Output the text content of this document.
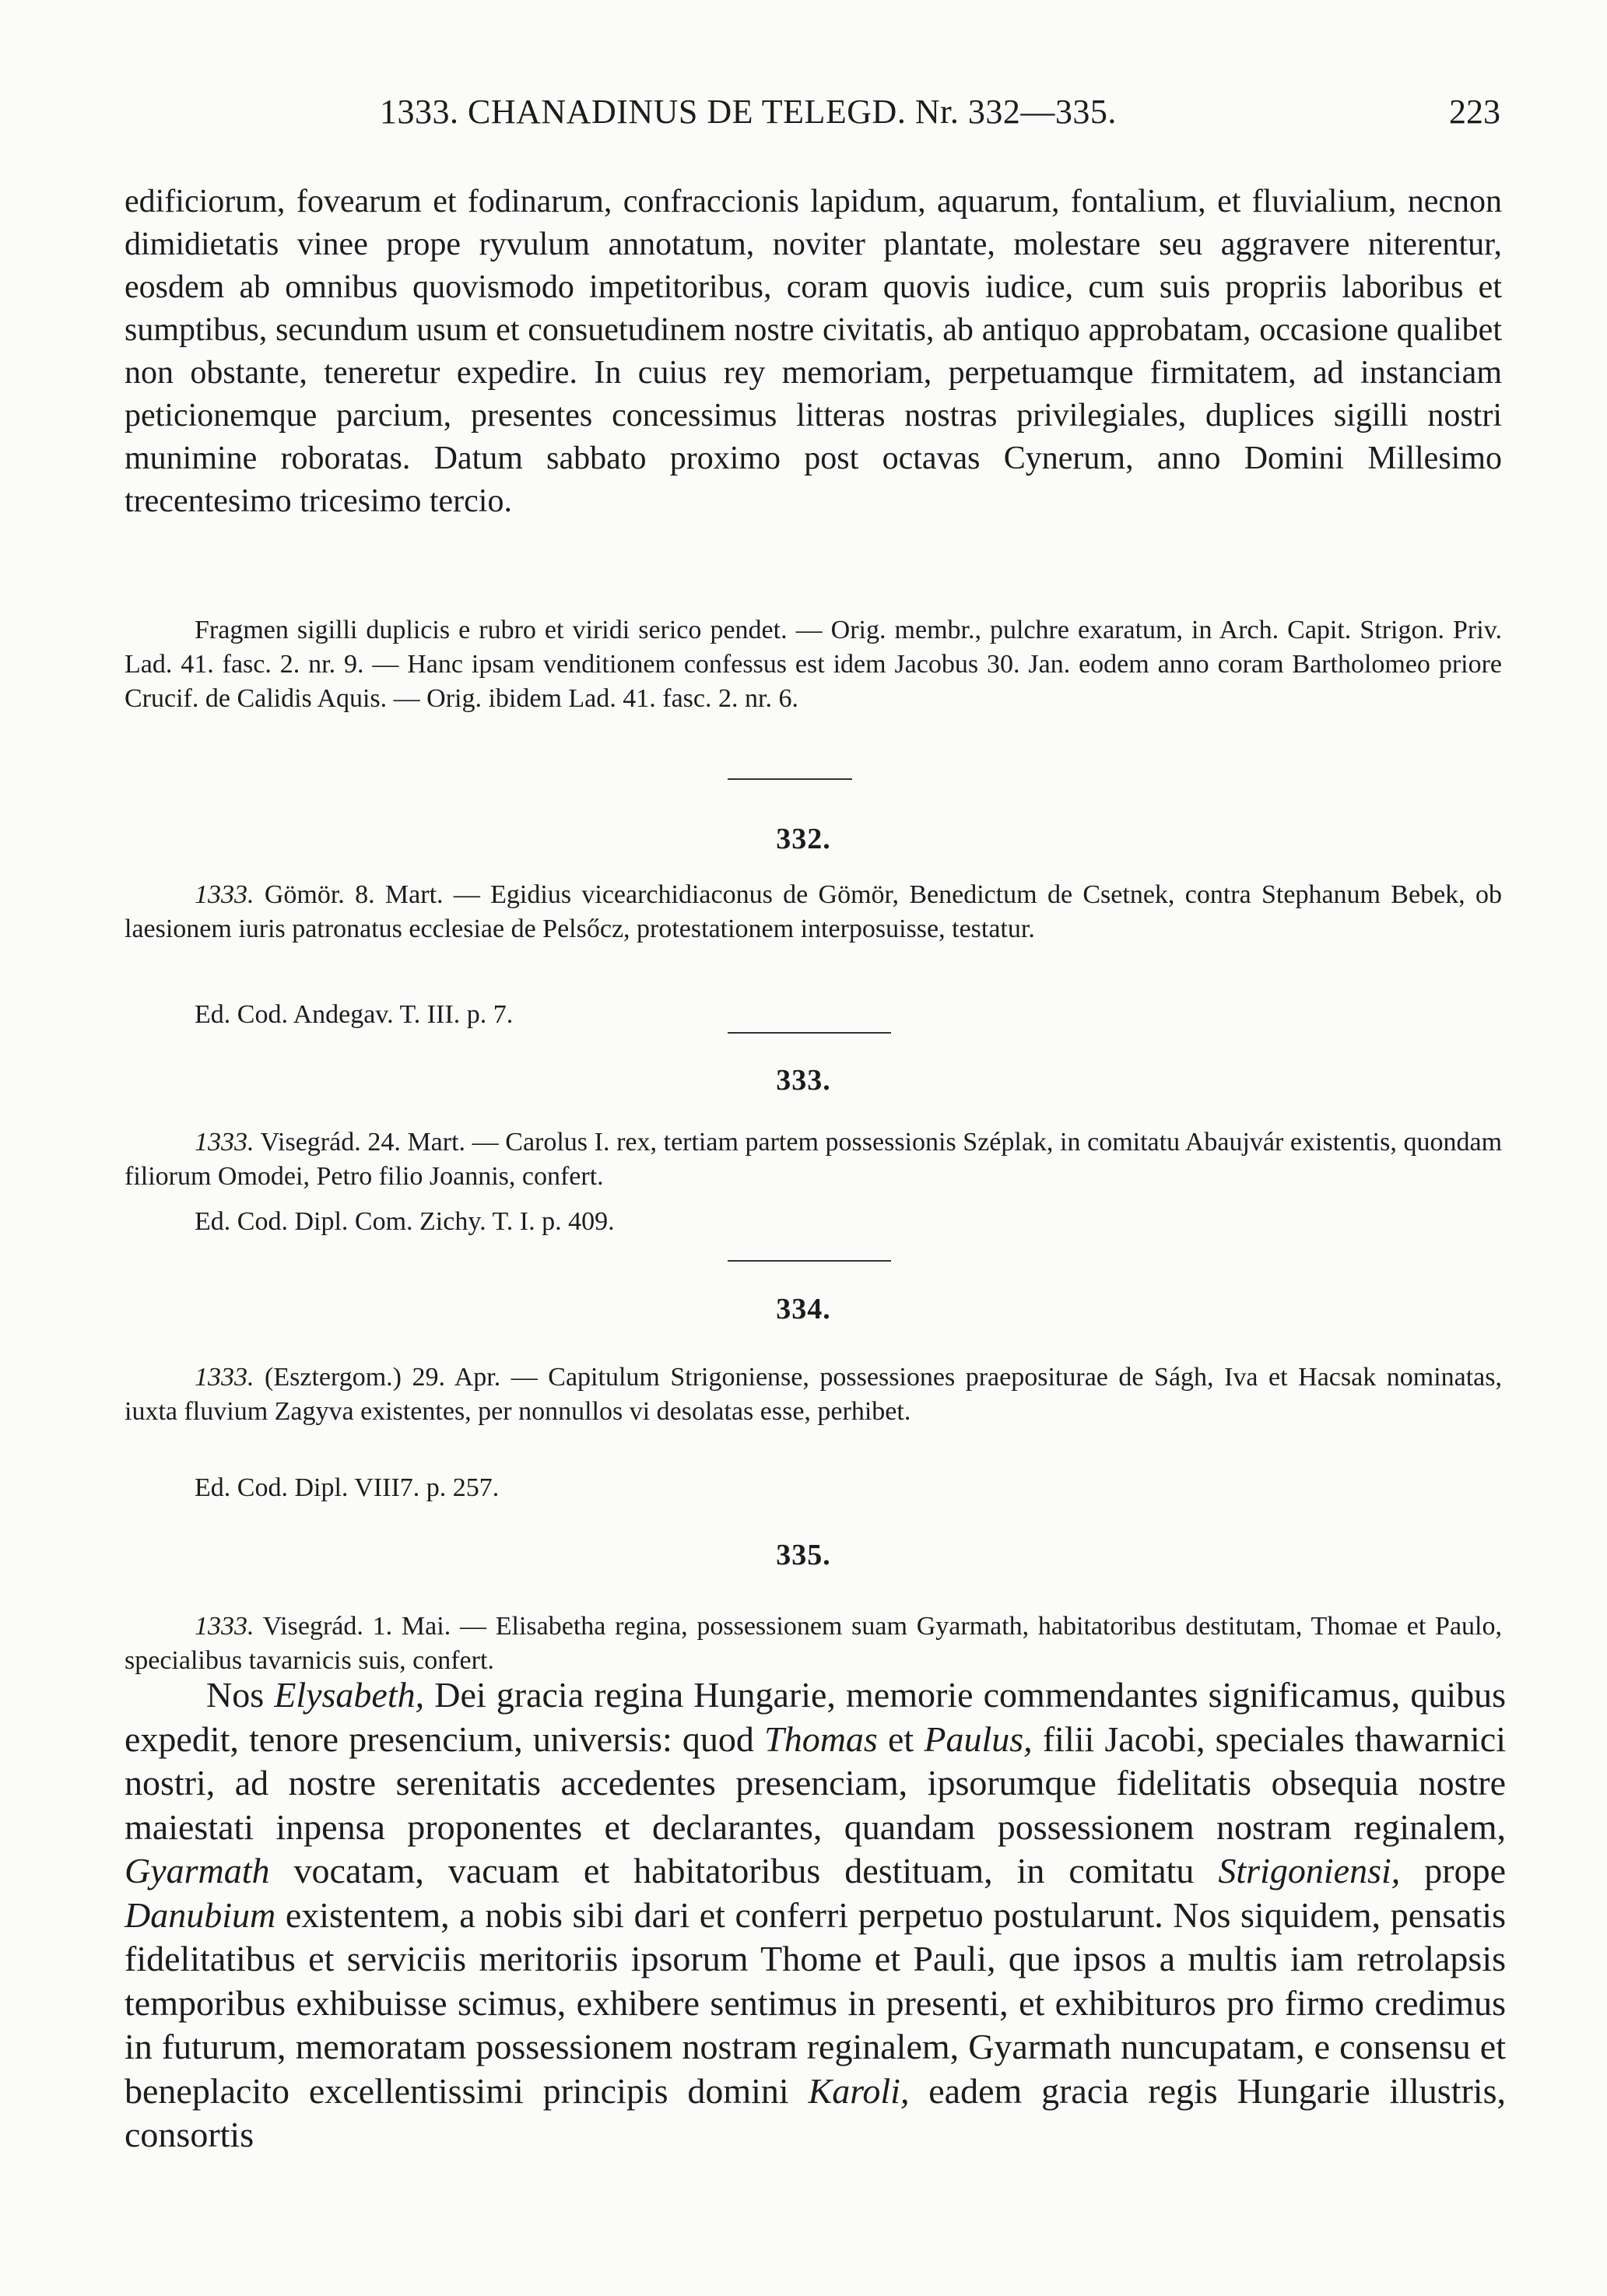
1333. CHANADINUS DE TELEGD. Nr. 332—335.	223

edificiorum, fovearum et fodinarum, confraccionis lapidum, aquarum, fontalium, et fluvialium, necnon dimidietatis vinee prope ryvulum annotatum, noviter plantate, molestare seu aggravere niterentur, eosdem ab omnibus quovismodo impetitoribus, coram quovis iudice, cum suis propriis laboribus et sumptibus, secundum usum et consuetudinem nostre civitatis, ab antiquo approbatam, occasione qualibet non obstante, teneretur expedire. In cuius rey memoriam, perpetuamque firmitatem, ad instanciam peticionemque parcium, presentes concessimus litteras nostras privilegiales, duplices sigilli nostri munimine roboratas. Datum sabbato proximo post octavas Cynerum, anno Domini Millesimo trecentesimo tricesimo tercio.

Fragmen sigilli duplicis e rubro et viridi serico pendet. — Orig. membr., pulchre exaratum, in Arch. Capit. Strigon. Priv. Lad. 41. fasc. 2. nr. 9. — Hanc ipsam venditionem confessus est idem Jacobus 30. Jan. eodem anno coram Bartholomeo priore Crucif. de Calidis Aquis. — Orig. ibidem Lad. 41. fasc. 2. nr. 6.

332.

1333. Gömör. 8. Mart. — Egidius vicearchidiaconus de Gömör, Benedictum de Csetnek, contra Stephanum Bebek, ob laesionem iuris patronatus ecclesiae de Pelsőcz, protestationem interposuisse, testatur.

Ed. Cod. Andegav. T. III. p. 7.
333.

1333. Visegrád. 24. Mart. — Carolus I. rex, tertiam partem possessionis Széplak, in comitatu Abaujvár existentis, quondam filiorum Omodei, Petro filio Joannis, confert.

Ed. Cod. Dipl. Com. Zichy. T. I. p. 409.
334.

1333. (Esztergom.) 29. Apr. — Capitulum Strigoniense, possessiones praepositurae de Ságh, Iva et Hacsak nominatas, iuxta fluvium Zagyva existentes, per nonnullos vi desolatas esse, perhibet.

Ed. Cod. Dipl. VIII7. p. 257.
335.

1333. Visegrád. 1. Mai. — Elisabetha regina, possessionem suam Gyarmath, habitatoribus destitutam, Thomae et Paulo, specialibus tavarnicis suis, confert.

Nos Elysabeth, Dei gracia regina Hungarie, memorie commendantes significamus, quibus expedit, tenore presencium, universis: quod Thomas et Paulus, filii Jacobi, speciales thawarnici nostri, ad nostre serenitatis accedentes presenciam, ipsorumque fidelitatis obsequia nostre maiestati inpensa proponentes et declarantes, quandam possessionem nostram reginalem, Gyarmath vocatam, vacuam et habitatoribus destituam, in comitatu Strigoniensi, prope Danubium existentem, a nobis sibi dari et conferri perpetuo postularunt. Nos siquidem, pensatis fidelitatibus et serviciis meritoriis ipsorum Thome et Pauli, que ipsos a multis iam retrolapsis temporibus exhibuisse scimus, exhibere sentimus in presenti, et exhibituros pro firmo credimus in futurum, memoratam possessionem nostram reginalem, Gyarmath nuncupatam, e consensu et beneplacito excellentissimi principis domini Karoli, eadem gracia regis Hungarie illustris, consortis
